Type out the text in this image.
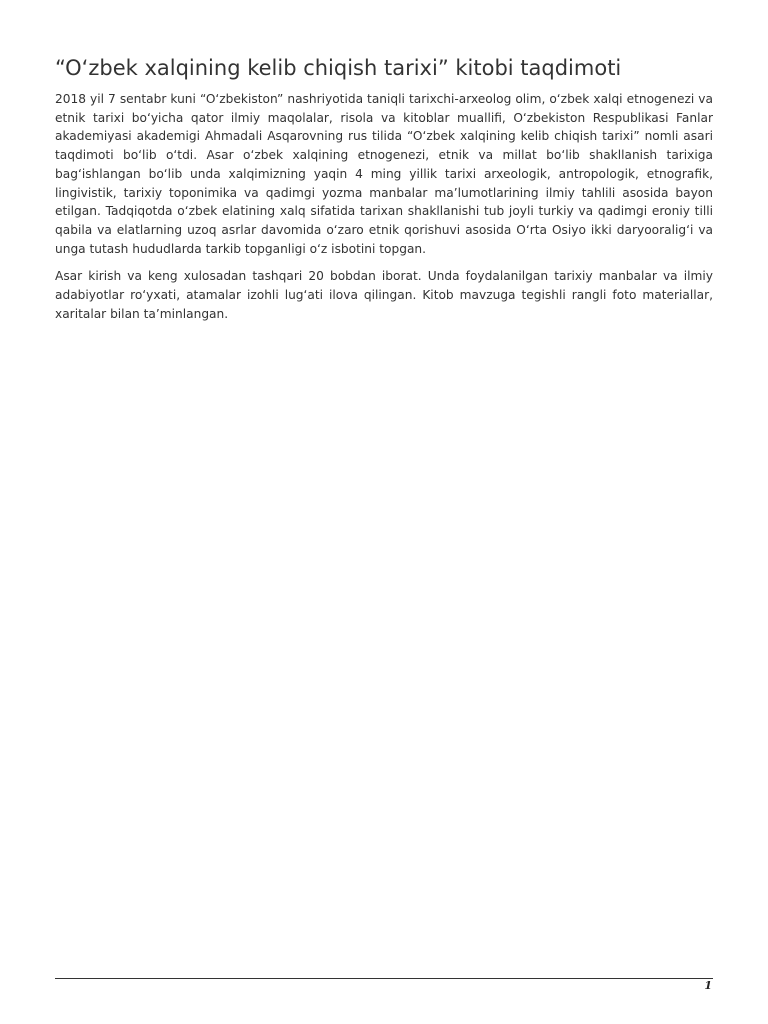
“O‘zbek xalqining kelib chiqish tarixi” kitobi taqdimoti

2018 yil 7 sentabr kuni “O‘zbekiston” nashriyotida taniqli tarixchi-arxeolog olim, o‘zbek xalqi etnogenezi va etnik tarixi bo‘yicha qator ilmiy maqolalar, risola va kitoblar muallifi, O‘zbekiston Respublikasi Fanlar akademiyasi akademigi Ahmadali Asqarovning rus tilida “O‘zbek xalqining kelib chiqish tarixi” nomli asari taqdimoti bo‘lib o‘tdi. Asar o‘zbek xalqining etnogenezi, etnik va millat bo‘lib shakllanish tarixiga bag‘ishlangan bo‘lib unda xalqimizning yaqin 4 ming yillik tarixi arxeologik, antropologik, etnografik, lingivistik, tarixiy toponimika va qadimgi yozma manbalar ma’lumotlarining ilmiy tahlili asosida bayon etilgan. Tadqiqotda o‘zbek elatining xalq sifatida tarixan shakllanishi tub joyli turkiy va qadimgi eroniy tilli qabila va elatlarning uzoq asrlar davomida o‘zaro etnik qorishuvi asosida O‘rta Osiyo ikki daryooralig‘i va unga tutash hududlarda tarkib topganligi o‘z isbotini topgan.

Asar kirish va keng xulosadan tashqari 20 bobdan iborat. Unda foydalanilgan tarixiy manbalar va ilmiy adabiyotlar ro‘yxati, atamalar izohli lug‘ati ilova qilingan. Kitob mavzuga tegishli rangli foto materiallar, xaritalar bilan ta’minlangan.

1
